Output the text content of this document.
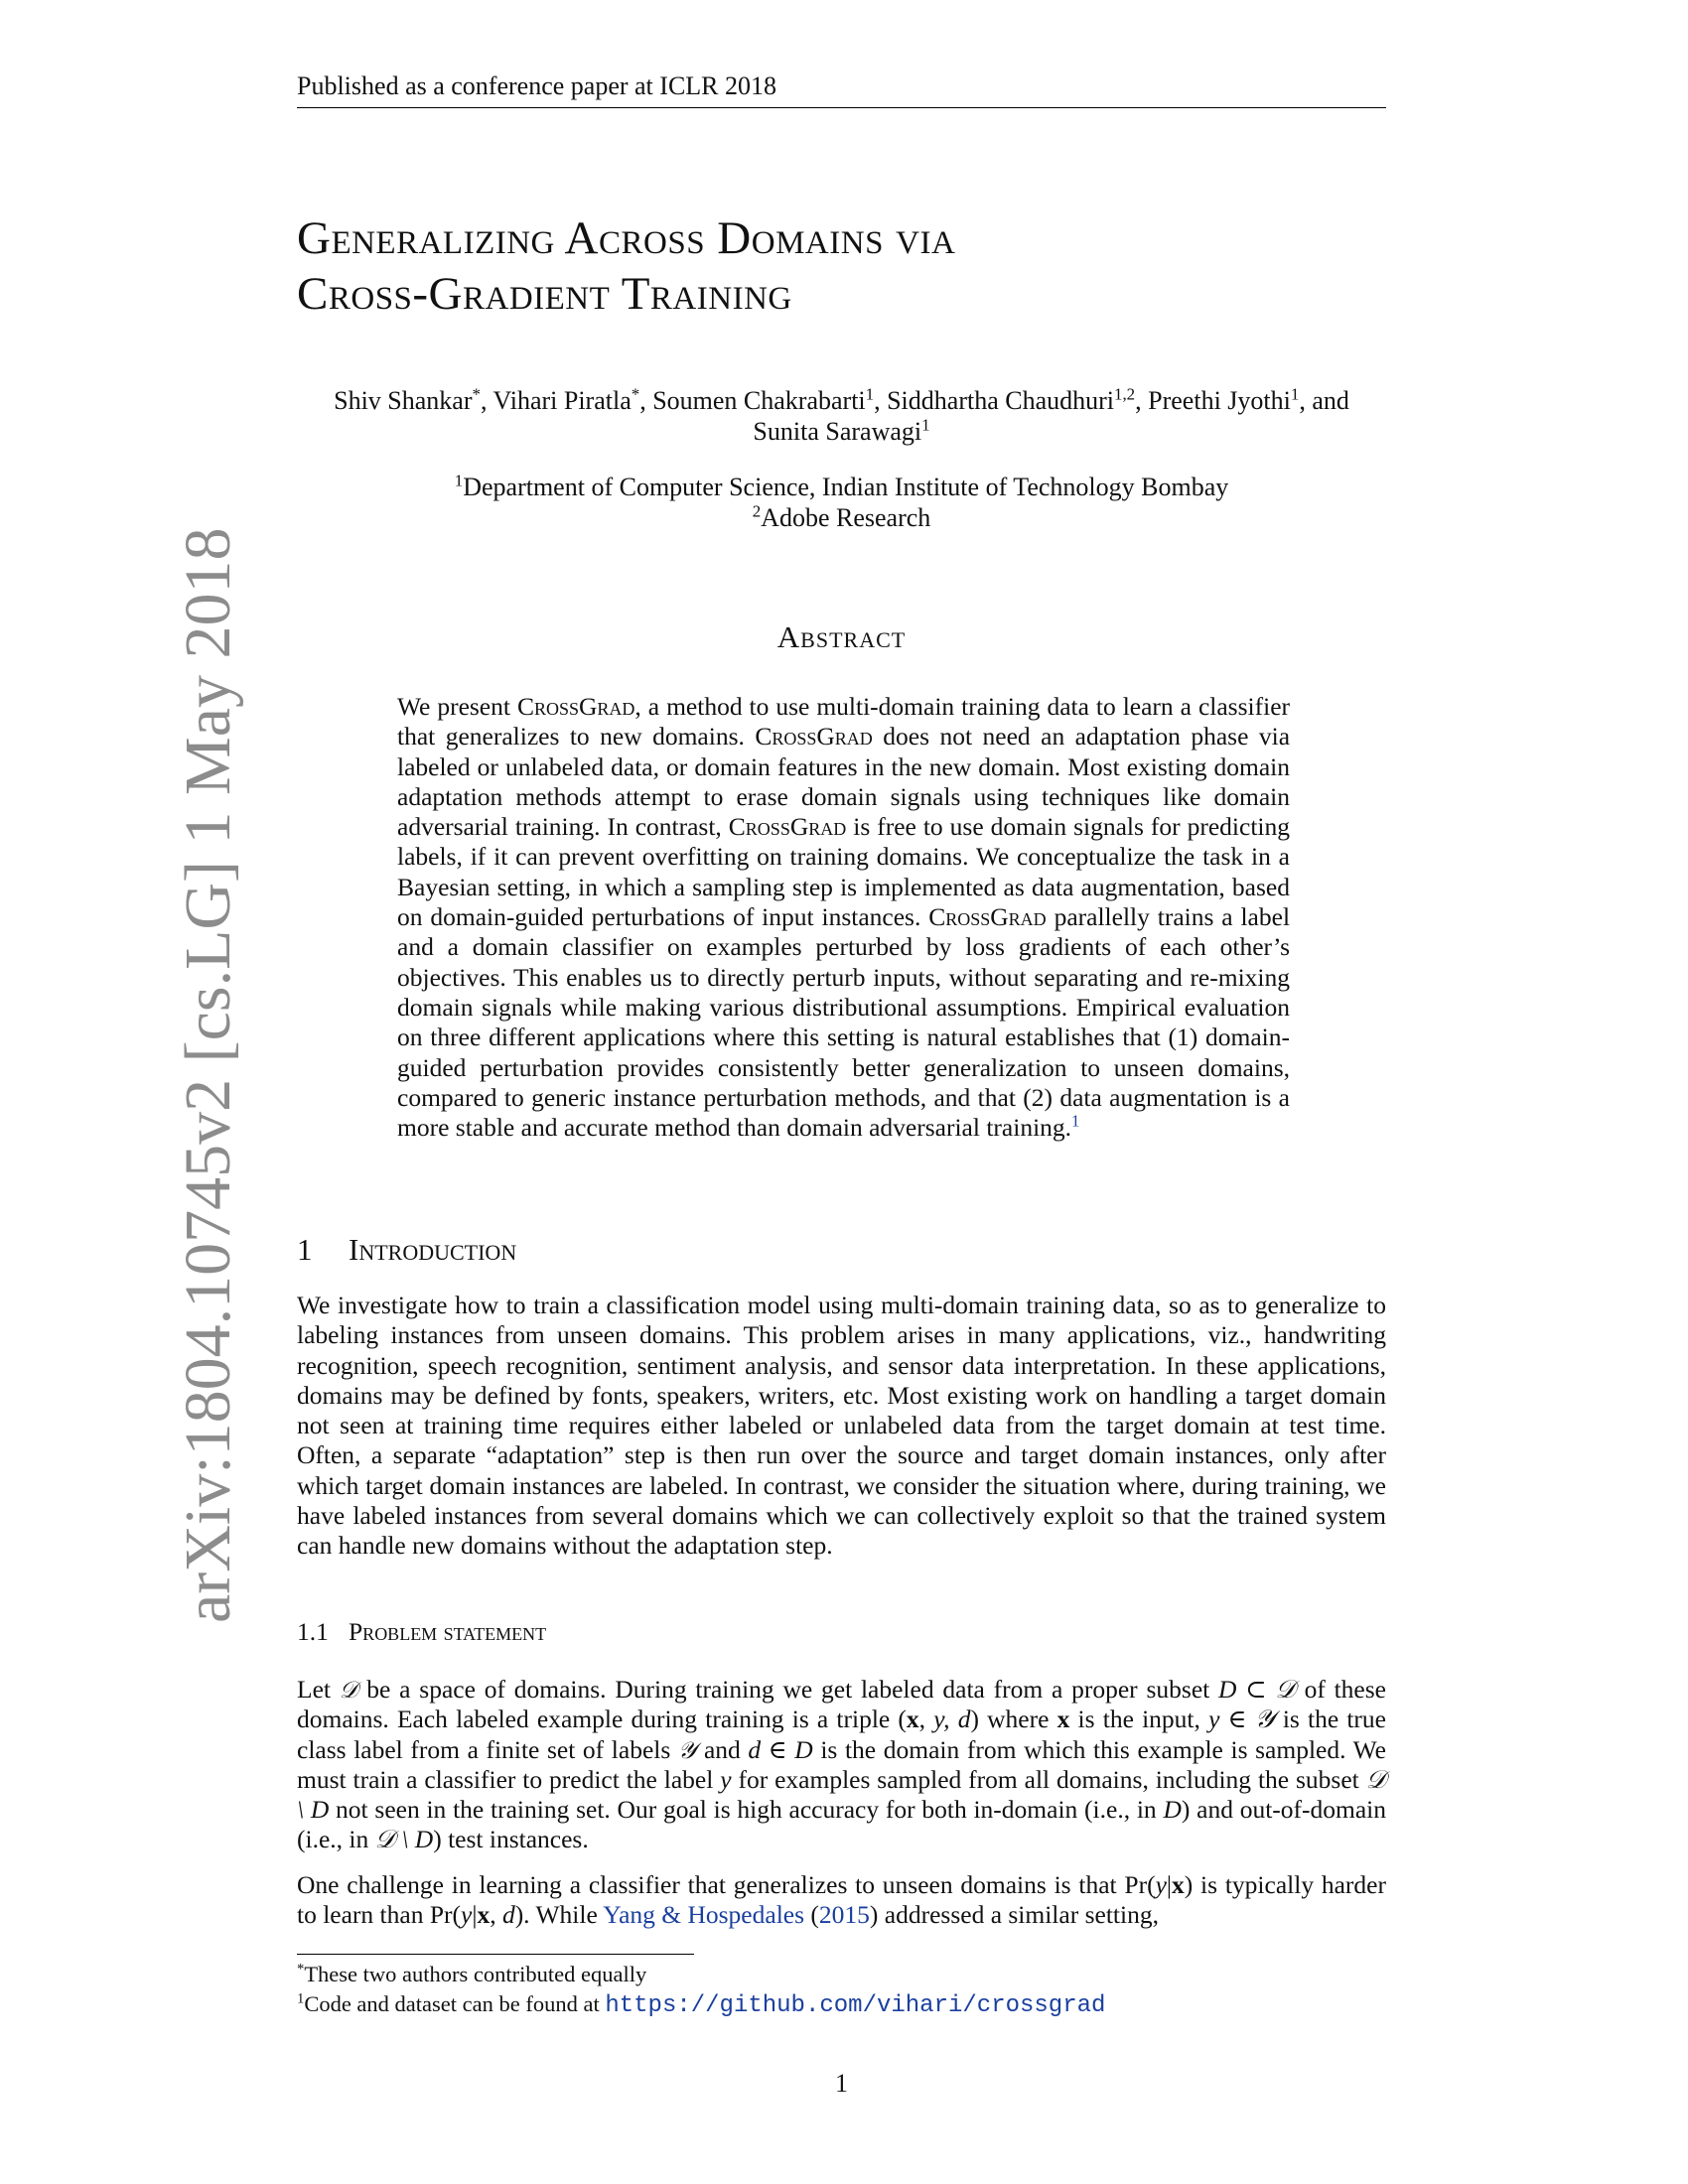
Published as a conference paper at ICLR 2018
Generalizing Across Domains via
Cross-Gradient Training
Shiv Shankar*, Vihari Piratla*, Soumen Chakrabarti$^1$, Siddhartha Chaudhuri$^{1,2}$, Preethi Jyothi$^1$, and
Sunita Sarawagi$^1$
$^1$Department of Computer Science, Indian Institute of Technology Bombay
$^2$Adobe Research
Abstract

We present CrossGrad, a method to use multi-domain training data to learn a classifier that generalizes to new domains. CrossGrad does not need an adaptation phase via labeled or unlabeled data, or domain features in the new domain. Most existing domain adaptation methods attempt to erase domain signals using techniques like domain adversarial training. In contrast, CrossGrad is free to use domain signals for predicting labels, if it can prevent overfitting on training domains. We conceptualize the task in a Bayesian setting, in which a sampling step is implemented as data augmentation, based on domain-guided perturbations of input instances. CrossGrad parallelly trains a label and a domain classifier on examples perturbed by loss gradients of each other’s objectives. This enables us to directly perturb inputs, without separating and re-mixing domain signals while making various distributional assumptions. Empirical evaluation on three different applications where this setting is natural establishes that (1) domain-guided perturbation provides consistently better generalization to unseen domains, compared to generic instance perturbation methods, and that (2) data augmentation is a more stable and accurate method than domain adversarial training.$^1$

1 Introduction

We investigate how to train a classification model using multi-domain training data, so as to generalize to labeling instances from unseen domains. This problem arises in many applications, viz., handwriting recognition, speech recognition, sentiment analysis, and sensor data interpretation. In these applications, domains may be defined by fonts, speakers, writers, etc. Most existing work on handling a target domain not seen at training time requires either labeled or unlabeled data from the target domain at test time. Often, a separate “adaptation” step is then run over the source and target domain instances, only after which target domain instances are labeled. In contrast, we consider the situation where, during training, we have labeled instances from several domains which we can collectively exploit so that the trained system can handle new domains without the adaptation step.

1.1 Problem statement

Let 𝒟 be a space of domains. During training we get labeled data from a proper subset D ⊂ 𝒟 of these domains. Each labeled example during training is a triple (x, y, d) where x is the input, y ∈ 𝒴 is the true class label from a finite set of labels 𝒴 and d ∈ D is the domain from which this example is sampled. We must train a classifier to predict the label y for examples sampled from all domains, including the subset 𝒟 \ D not seen in the training set. Our goal is high accuracy for both in-domain (i.e., in D) and out-of-domain (i.e., in 𝒟 \ D) test instances.

One challenge in learning a classifier that generalizes to unseen domains is that Pr(y|x) is typically harder to learn than Pr(y|x, d). While Yang & Hospedales (2015) addressed a similar setting,

*These two authors contributed equally
$^1$Code and dataset can be found at https://github.com/vihari/crossgrad
1
arXiv:1804.10745v2 [cs.LG] 1 May 2018
